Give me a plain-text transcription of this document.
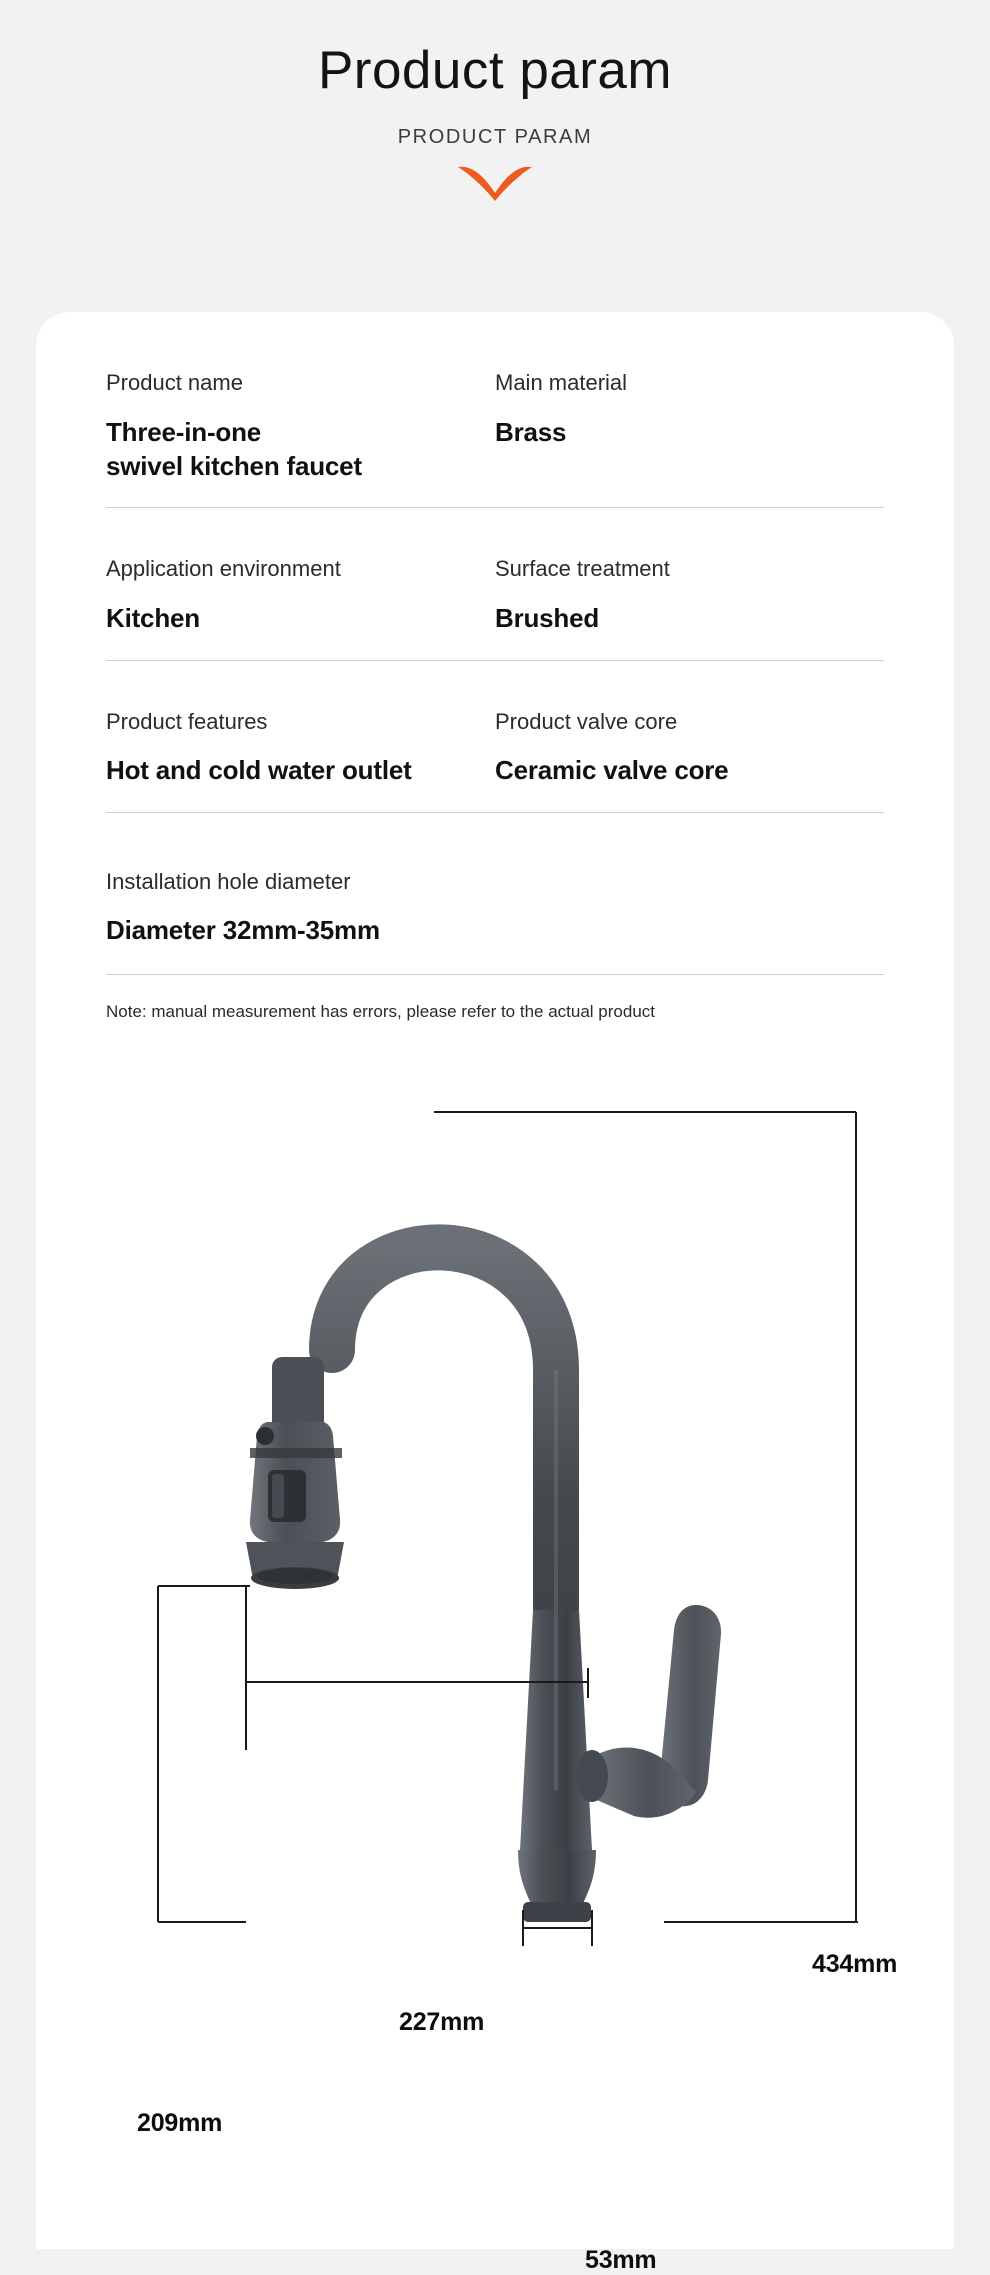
Product param
PRODUCT PARAM
Product name
Three-in-one
swivel kitchen faucet
Main material
Brass
Application environment
Kitchen
Surface treatment
Brushed
Product features
Hot and cold water outlet
Product valve core
Ceramic valve core
Installation hole diameter
Diameter 32mm-35mm
Note: manual measurement has errors, please refer to the actual product
434mm
227mm
209mm
53mm
